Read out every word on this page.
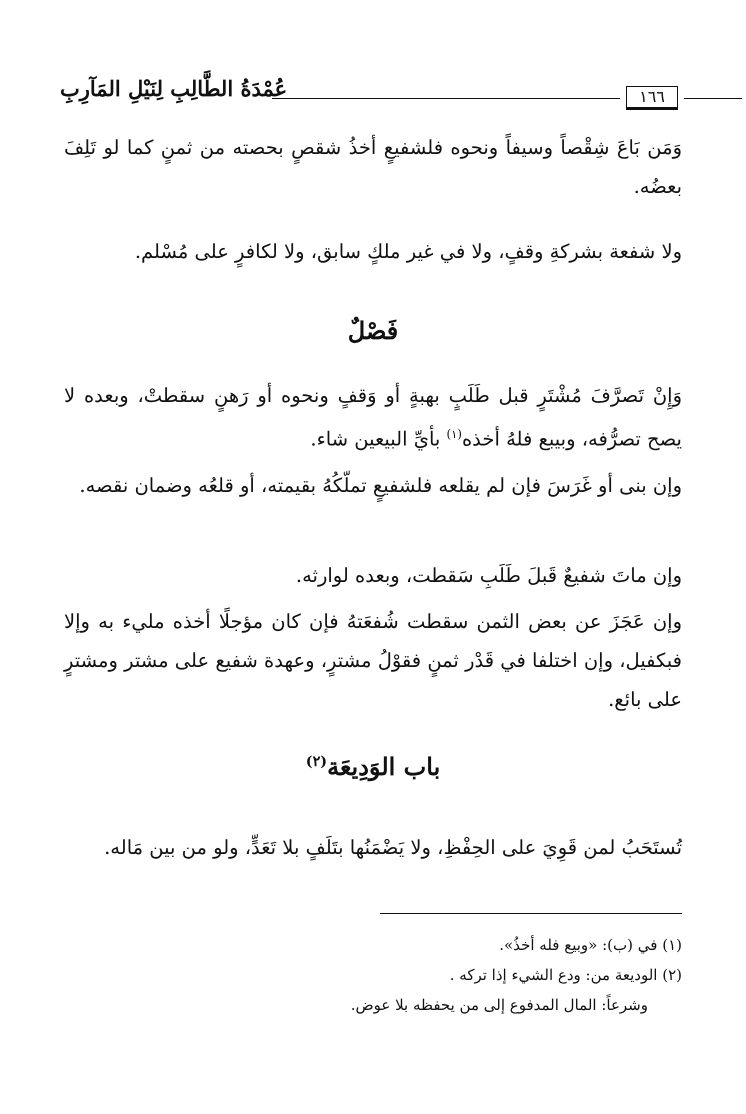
عُمْدَةُ الطَّالِبِ لِنَيْلِ المَآرِبِ	١٦٦

وَمَن بَاعَ شِقْصاً وسيفاً ونحوه فلشفيعٍ أخذُ شقصٍ بحصته من ثمنٍ كما لو تَلِفَ بعضُه.

ولا شفعة بشركةِ وقفٍ، ولا في غير ملكٍ سابق، ولا لكافرٍ على مُسْلم.

فَصْلٌ

وَإِنْ تَصرَّفَ مُشْتَرٍ قبل طَلَبٍ بهبةٍ أو وَقفٍ ونحوه أو رَهنٍ سقطتْ، وبعده لا يصح تصرُّفه، وبيبع فلهُ أخذه$^{(١)}$ بأيِّ البيعين شاء.

وإن بنى أو غَرَسَ فإن لم يقلعه فلشفيعٍ تملّكُهُ بقيمته، أو قلعُه وضمان نقصه.

وإن ماتَ شفيعٌ قَبلَ طَلَبِ سَقطت، وبعده لوارثه.

وإن عَجَزَ عن بعض الثمن سقطت شُفعَتهُ فإن كان مؤجلًا أخذه مليء به وإلا فبكفيل، وإن اختلفا في قَدْر ثمنٍ فقوْلُ مشترٍ، وعهدة شفيع على مشتر ومشترٍ على بائع.

باب الوَدِيعَة$^{(٢)}$

تُستَحَبُ لمن قَوِيَ على الحِفْظِ، ولا يَضْمَنُها بتَلَفٍ بلا تَعَدٍّ، ولو من بين مَاله.

(١) في (ب): «وبيع فله أخذُ».
(٢) الوديعة من: ودع الشيء إذا تركه .
وشرعاً: المال المدفوع إلى من يحفظه بلا عوض.
